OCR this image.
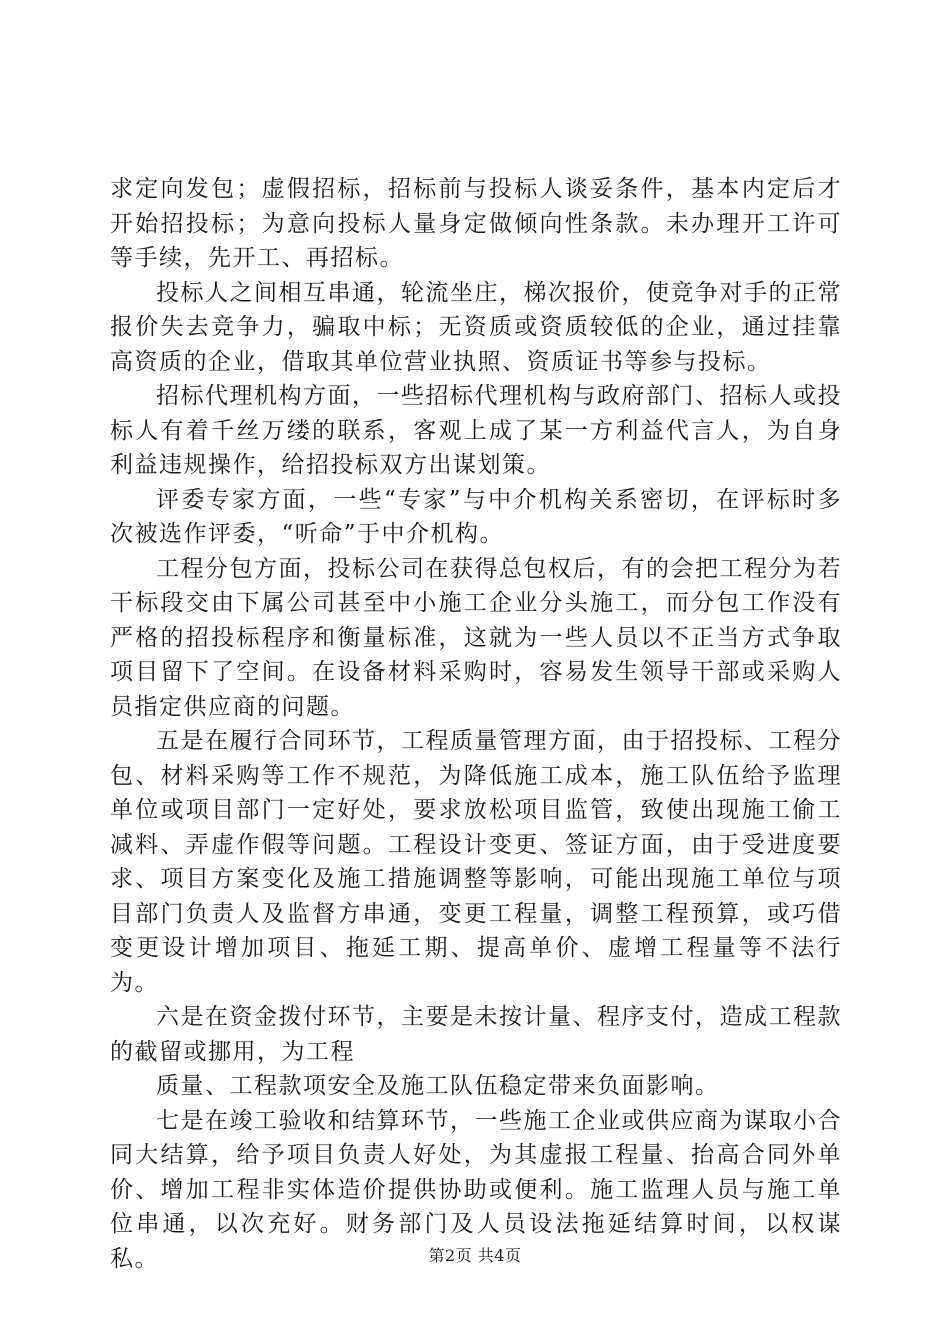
求定向发包；虚假招标，招标前与投标人谈妥条件，基本内定后才开始招投标；为意向投标人量身定做倾向性条款。未办理开工许可等手续，先开工、再招标。

投标人之间相互串通，轮流坐庄，梯次报价，使竞争对手的正常报价失去竞争力，骗取中标；无资质或资质较低的企业，通过挂靠高资质的企业，借取其单位营业执照、资质证书等参与投标。

招标代理机构方面，一些招标代理机构与政府部门、招标人或投标人有着千丝万缕的联系，客观上成了某一方利益代言人，为自身利益违规操作，给招投标双方出谋划策。

评委专家方面，一些“专家”与中介机构关系密切，在评标时多次被选作评委，“听命”于中介机构。

工程分包方面，投标公司在获得总包权后，有的会把工程分为若干标段交由下属公司甚至中小施工企业分头施工，而分包工作没有严格的招投标程序和衡量标准，这就为一些人员以不正当方式争取项目留下了空间。在设备材料采购时，容易发生领导干部或采购人员指定供应商的问题。

五是在履行合同环节，工程质量管理方面，由于招投标、工程分包、材料采购等工作不规范，为降低施工成本，施工队伍给予监理单位或项目部门一定好处，要求放松项目监管，致使出现施工偷工减料、弄虚作假等问题。工程设计变更、签证方面，由于受进度要求、项目方案变化及施工措施调整等影响，可能出现施工单位与项目部门负责人及监督方串通，变更工程量，调整工程预算，或巧借变更设计增加项目、拖延工期、提高单价、虚增工程量等不法行为。

六是在资金拨付环节，主要是未按计量、程序支付，造成工程款的截留或挪用，为工程

质量、工程款项安全及施工队伍稳定带来负面影响。

七是在竣工验收和结算环节，一些施工企业或供应商为谋取小合同大结算，给予项目负责人好处，为其虚报工程量、抬高合同外单价、增加工程非实体造价提供协助或便利。施工监理人员与施工单位串通，以次充好。财务部门及人员设法拖延结算时间，以权谋私。	第2页 共4页
